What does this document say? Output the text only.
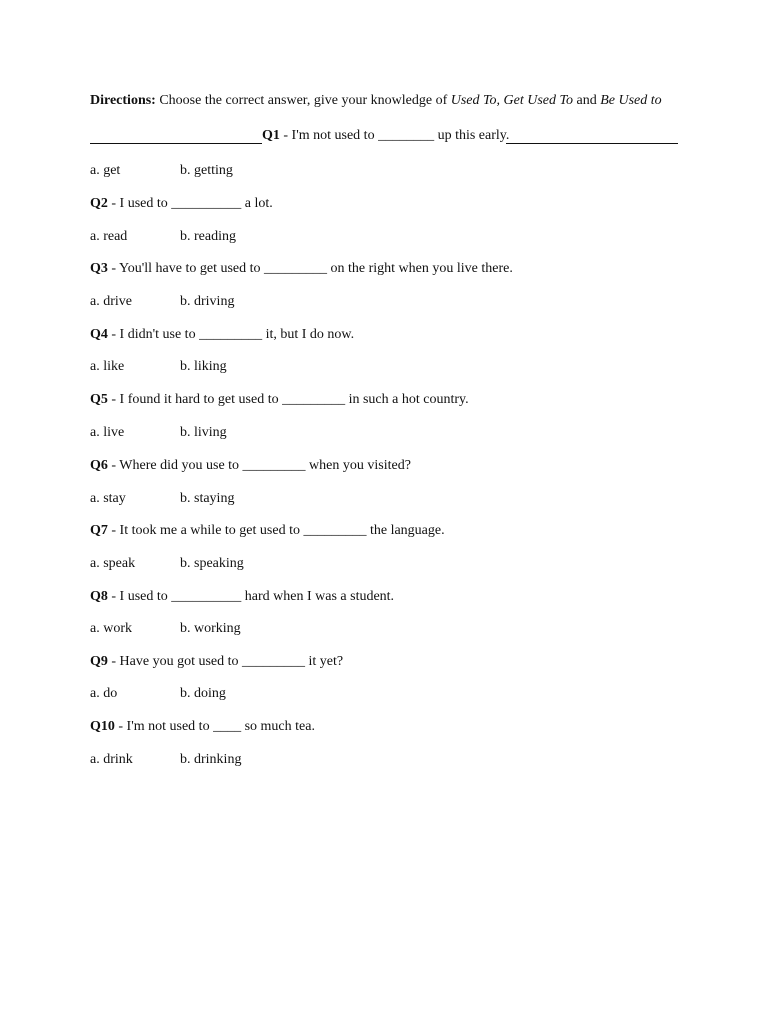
Directions: Choose the correct answer, give your knowledge of Used To, Get Used To and Be Used to
Q1 - I'm not used to ________ up this early.
a. get	b. getting
Q2 - I used to __________ a lot.
a. read	b. reading
Q3 - You'll have to get used to _________ on the right when you live there.
a. drive	b. driving
Q4 - I didn't use to _________ it, but I do now.
a. like	b. liking
Q5 - I found it hard to get used to _________ in such a hot country.
a. live	b. living
Q6 - Where did you use to _________ when you visited?
a. stay	b. staying
Q7 - It took me a while to get used to _________ the language.
a. speak	b. speaking
Q8 - I used to __________ hard when I was a student.
a. work	b. working
Q9 - Have you got used to _________ it yet?
a. do	b. doing
Q10 - I'm not used to ____ so much tea.
a. drink	b. drinking
